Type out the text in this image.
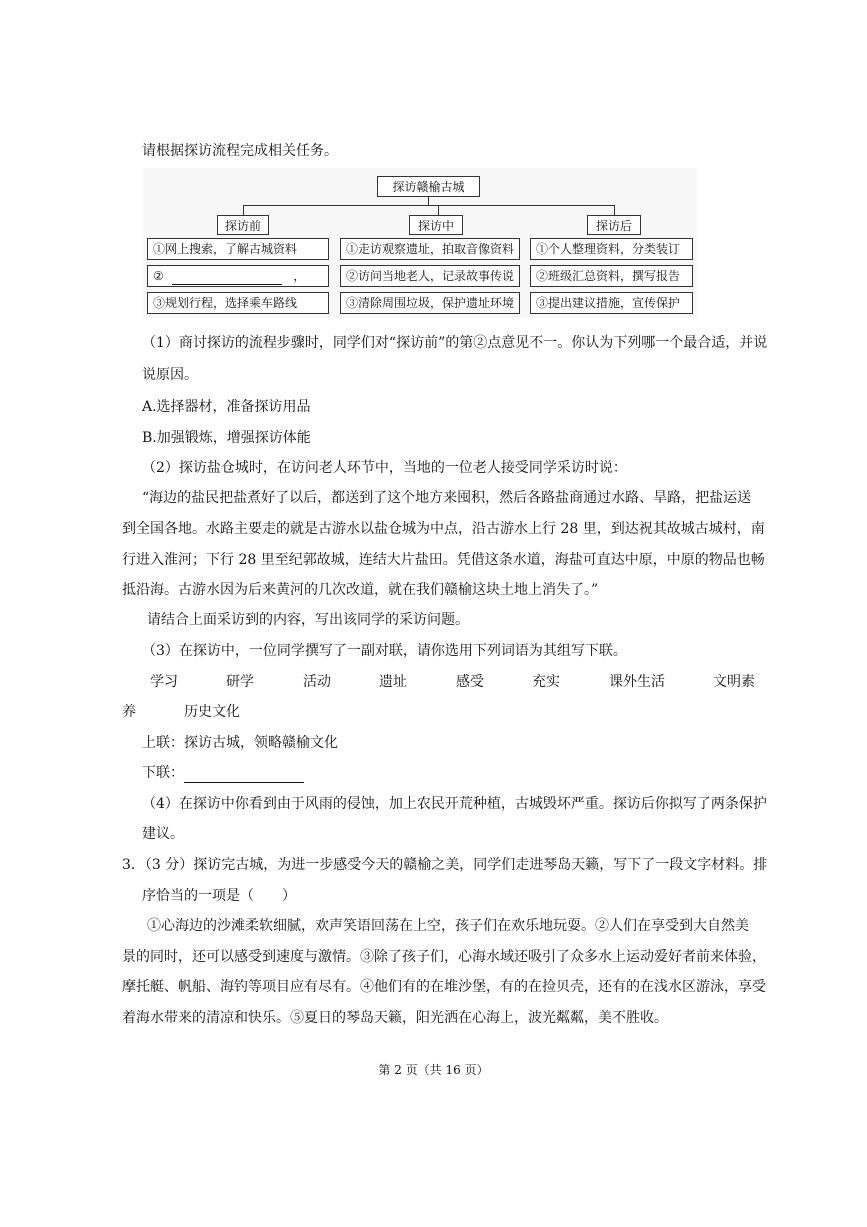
请根据探访流程完成相关任务。
探访赣榆古城
探访前	探访中	探访后
①网上搜索，了解古城资料
②	，
③规划行程，选择乘车路线
①走访观察遗址，拍取音像资料
②访问当地老人，记录故事传说
③清除周围垃圾，保护遗址环境
①个人整理资料，分类装订
②班级汇总资料，撰写报告
③提出建议措施，宣传保护
（1）商讨探访的流程步骤时，同学们对“探访前”的第②点意见不一。你认为下列哪一个最合适，并说
说原因。
A.选择器材，准备探访用品
B.加强锻炼，增强探访体能
（2）探访盐仓城时，在访问老人环节中，当地的一位老人接受同学采访时说：
“海边的盐民把盐煮好了以后，都送到了这个地方来囤积，然后各路盐商通过水路、旱路，把盐运送
到全国各地。水路主要走的就是古游水以盐仓城为中点，沿古游水上行 28 里，到达祝其故城古城村，南
行进入淮河；下行 28 里至纪郭故城，连结大片盐田。凭借这条水道，海盐可直达中原，中原的物品也畅
抵沿海。古游水因为后来黄河的几次改道，就在我们赣榆这块土地上消失了。”
请结合上面采访到的内容，写出该同学的采访问题。
（3）在探访中，一位同学撰写了一副对联，请你选用下列词语为其组写下联。
学习	研学	活动	遗址	感受	充实	课外生活	文明素
养	历史文化
上联：探访古城，领略赣榆文化
下联：
（4）在探访中你看到由于风雨的侵蚀，加上农民开荒种植，古城毁坏严重。探访后你拟写了两条保护
建议。
3．（3 分）探访完古城，为进一步感受今天的赣榆之美，同学们走进琴岛天籁，写下了一段文字材料。排
序恰当的一项是（　　）
①心海边的沙滩柔软细腻，欢声笑语回荡在上空，孩子们在欢乐地玩耍。②人们在享受到大自然美
景的同时，还可以感受到速度与激情。③除了孩子们，心海水域还吸引了众多水上运动爱好者前来体验，
摩托艇、帆船、海钓等项目应有尽有。④他们有的在堆沙堡，有的在捡贝壳，还有的在浅水区游泳，享受
着海水带来的清凉和快乐。⑤夏日的琴岛天籁，阳光洒在心海上，波光粼粼，美不胜收。
第 2 页（共 16 页）
